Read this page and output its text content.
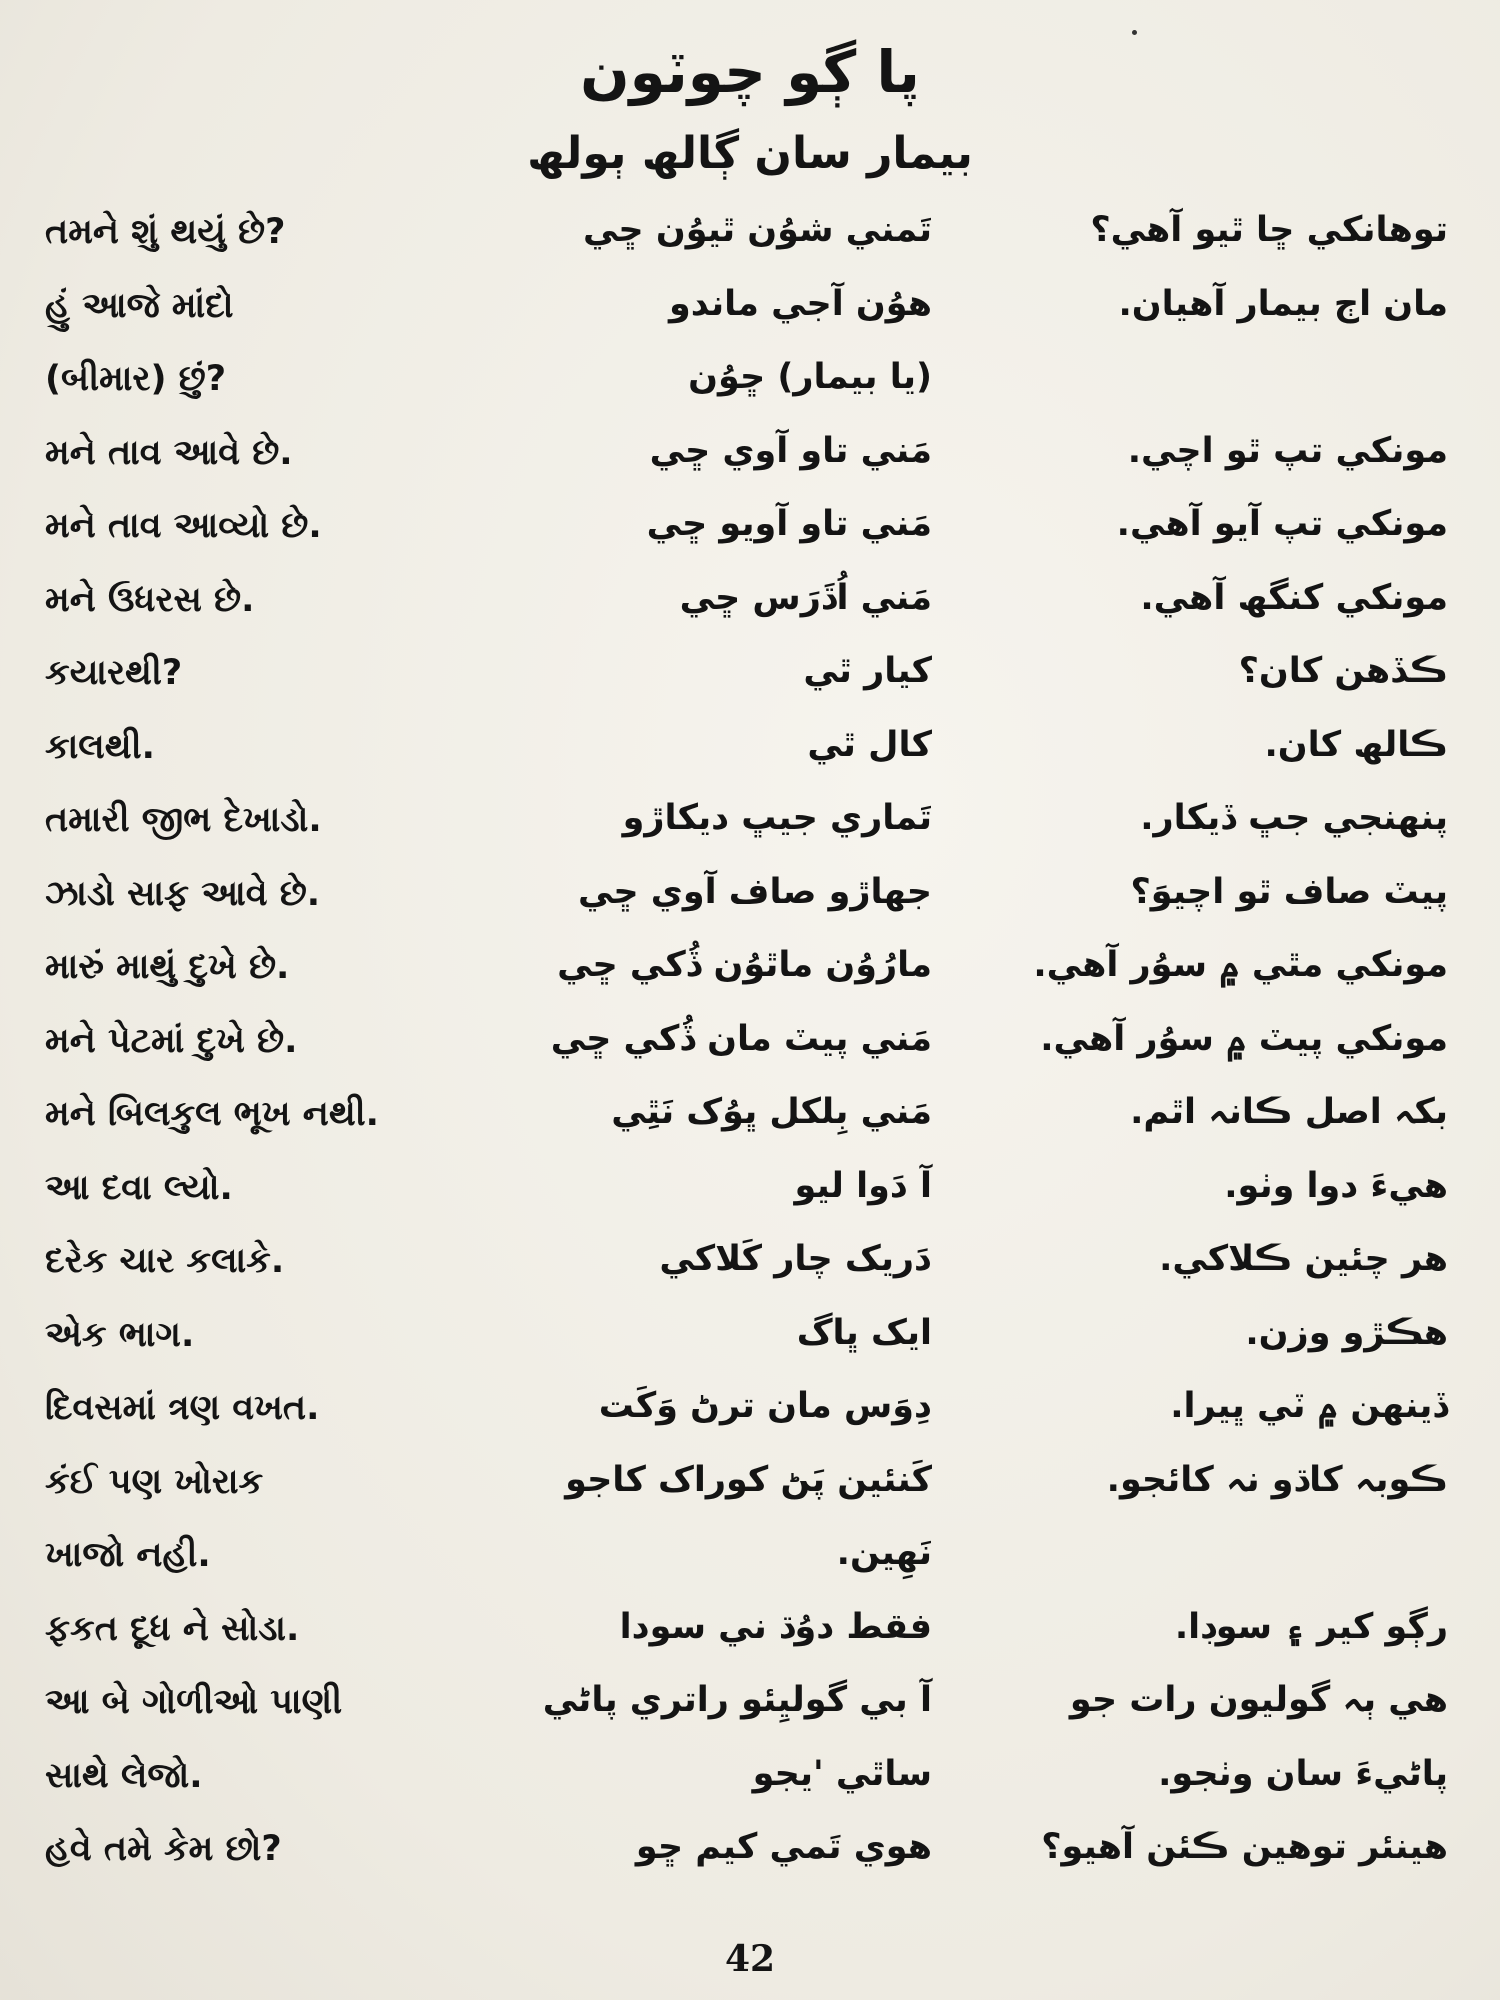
پا ڳو چوٽون
بيمار سان ڳالھ ٻولھ
તમને શું થયું છે?	تَمني شوُن ٿيوُن ڇي	توهانکي ڇا ٿيو آهي؟
હું આજે માંદો	هوُن آجي ماندو	مان اڄ بيمار آهيان.
(બીમાર) છું?	(يا بيمار) ڇوُن
મને તાવ આવે છે.	مَني تاو آوي ڇي	مونکي تپ ٿو اچي.
મને તાવ આવ્યો છે.	مَني تاو آويو ڇي	مونکي تپ آيو آهي.
મને ઉધરસ છે.	مَني اُڌَرَس ڇي	مونکي کنگھ آهي.
કયારથી?	کيار ٿي	ڪڏهن کان؟
કાલથી.	کال ٿي	ڪالھ کان.
તમારી જીભ દેખાડો.	تَماري جيڀ ديکاڙو	پنهنجي جڀ ڏيکار.
ઝાડો સાફ આવે છે.	جھاڙو صاف آوي ڇي	پيٽ صاف ٿو اچيوَ؟
મારું માથું દુખે છે.	مارُوُن ماٿوُن ڏُکي ڇي	مونکي مٿي ۾ سوُر آهي.
મને પેટમાં દુખે છે.	مَني پيٽ مان ڏُکي ڇي	مونکي پيٽ ۾ سوُر آهي.
મને બિલકુલ ભૂખ નથી.	مَني بِلکل ڀوُک نَٿِي	بکہ اصل ڪانہ اٿم.
આ દવા લ્યો.	آ دَوا ليو	هيءَ دوا وٺو.
દરેક ચાર કલાકે.	دَريک چار کَلاکي	هر چئين ڪلاکي.
એક ભાગ.	ايک ڀاگ	هڪڙو وزن.
દિવસમાં ત્રણ વખત.	دِوَس مان ترڻ وَکَت	ڏينهن ۾ ٽي ڀيرا.
કંઈ પણ ખોરાક	کَنئين پَڻ کوراک کاجو	ڪوبہ کاڌو نہ کائجو.
ખાજો નહી.	نَهِين.
ફકત દૂધ ને સોડા.	فقط دوُڌ ني سودا	رڳو کير ۽ سوڊا.
આ બે ગોળીઓ પાણી	آ بي گوليِئو راتري پاڻي	هي ٻہ گوليون رات جو
સાથે લેજો.	ساٿي 'يجو	پاڻيءَ سان وٺجو.
હવે તમે કેમ છો?	هوي تَمي کيم ڇو	هينئر توهين ڪئن آهيو؟
42
